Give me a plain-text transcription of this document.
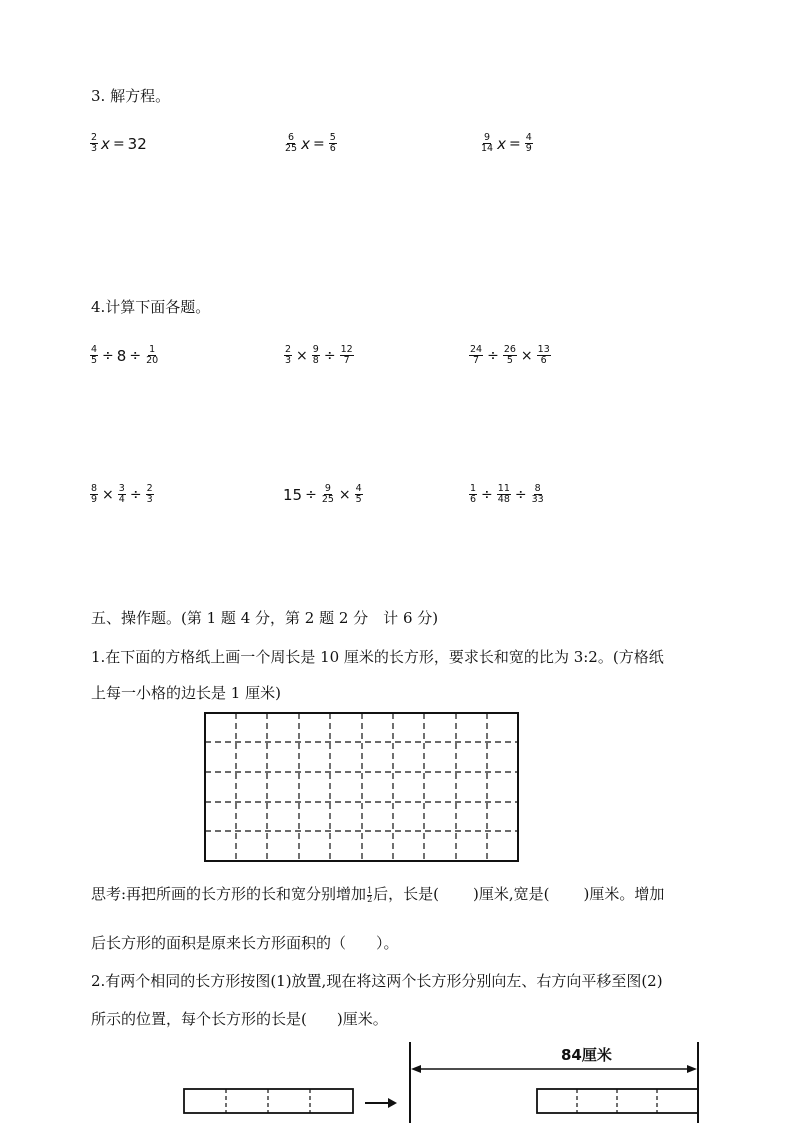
3. 解方程。
$\frac{2}{3}$ x = 32	$\frac{6}{25}$ $x = \frac{5}{6}$	$\frac{9}{14}$ $x = \frac{4}{9}$
4.计算下面各题。
$\frac{4}{5} \div 8 \div \frac{1}{20}$	$\frac{2}{3} \times \frac{9}{8} \div \frac{12}{7}$	$\frac{24}{7} \div \frac{26}{5} \times \frac{13}{6}$
$\frac{8}{9} \times \frac{3}{4} \div \frac{2}{3}$	$15 \div \frac{9}{25} \times \frac{4}{5}$	$\frac{1}{6} \div \frac{11}{48} \div \frac{8}{33}$
五、操作题。(第 1 题 4 分，第 2 题 2 分　计 6 分)
1.在下面的方格纸上画一个周长是 10 厘米的长方形，要求长和宽的比为 3:2。(方格纸
上每一小格的边长是 1 厘米)
思考:再把所画的长方形的长和宽分别增加 $\frac{1}{2}$ 后，长是( )厘米,宽是( )厘米。增加
后长方形的面积是原来长方形面积的（ ）。
2.有两个相同的长方形按图(1)放置,现在将这两个长方形分别向左、右方向平移至图(2)
所示的位置，每个长方形的长是( )厘米。
84厘米
